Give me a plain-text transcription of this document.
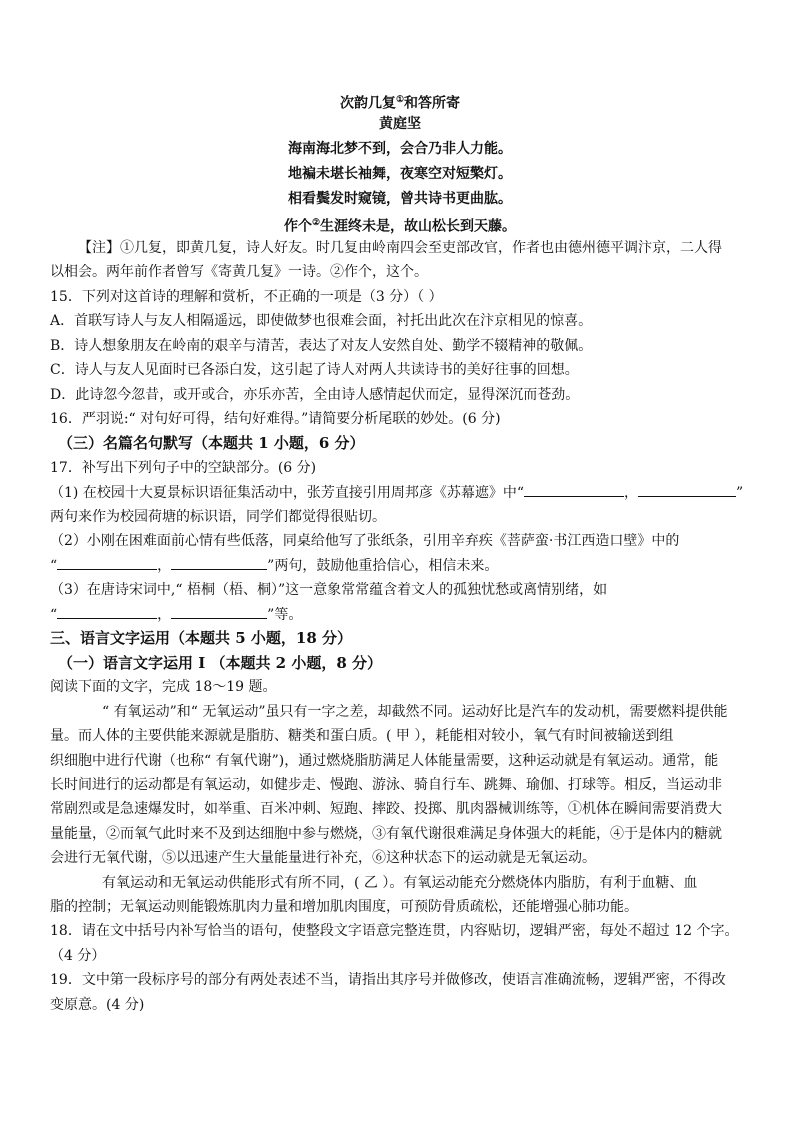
次韵几复①和答所寄
黄庭坚
海南海北梦不到，会合乃非人力能。
地褊未堪长袖舞，夜寒空对短檠灯。
相看鬓发时窥镜，曾共诗书更曲肱。
作个②生涯终未是，故山松长到天藤。
【注】①几复，即黄几复，诗人好友。时几复由岭南四会至吏部改官，作者也由德州德平调汴京，二人得
以相会。两年前作者曾写《寄黄几复》一诗。②作个，这个。
15．下列对这首诗的理解和赏析，不正确的一项是（3 分）（ ）
A．首联写诗人与友人相隔遥远，即使做梦也很难会面，衬托出此次在汴京相见的惊喜。
B．诗人想象朋友在岭南的艰辛与清苦，表达了对友人安然自处、勤学不辍精神的敬佩。
C．诗人与友人见面时已各添白发，这引起了诗人对两人共读诗书的美好往事的回想。
D．此诗忽今忽昔，或开或合，亦乐亦苦，全由诗人感情起伏而定，显得深沉而苍劲。
16．严羽说:“ 对句好可得，结句好难得。”请简要分析尾联的妙处。(6 分)
（三）名篇名句默写（本题共 1 小题，6 分）
17．补写出下列句子中的空缺部分。(6 分)
（1) 在校园十大夏景标识语征集活动中，张芳直接引用周邦彦《苏幕遮》中“	，	”
两句来作为校园荷塘的标识语，同学们都觉得很贴切。
（2）小刚在困难面前心情有些低落，同桌给他写了张纸条，引用辛弃疾《菩萨蛮·书江西造口壁》中的
“	，	”两句，鼓励他重拾信心，相信未来。
（3）在唐诗宋词中,“ 梧桐（梧、桐）”这一意象常常蕴含着文人的孤独忧愁或离情别绪，如
“	，	”等。
三、语言文字运用（本题共 5 小题，18 分）
（一）语言文字运用 I （本题共 2 小题，8 分）
阅读下面的文字，完成 18～19 题。
“ 有氧运动”和“ 无氧运动”虽只有一字之差，却截然不同。运动好比是汽车的发动机，需要燃料提供能
量。而人体的主要供能来源就是脂肪、糖类和蛋白质。( 甲 ），耗能相对较小，氧气有时间被输送到组
织细胞中进行代谢（也称“ 有氧代谢”)，通过燃烧脂肪满足人体能量需要，这种运动就是有氧运动。通常，能
长时间进行的运动都是有氧运动，如健步走、慢跑、游泳、骑自行车、跳舞、瑜伽、打球等。相反，当运动非
常剧烈或是急速爆发时，如举重、百米冲刺、短跑、摔跤、投掷、肌肉器械训练等，①机体在瞬间需要消费大
量能量，②而氧气此时来不及到达细胞中参与燃烧，③有氧代谢很难满足身体强大的耗能，④于是体内的糖就
会进行无氧代谢，⑤以迅速产生大量能量进行补充，⑥这种状态下的运动就是无氧运动。
有氧运动和无氧运动供能形式有所不同，( 乙 ）。有氧运动能充分燃烧体内脂肪，有利于血糖、血
脂的控制；无氧运动则能锻炼肌肉力量和增加肌肉围度，可预防骨质疏松，还能增强心肺功能。
18．请在文中括号内补写恰当的语句，使整段文字语意完整连贯，内容贴切，逻辑严密，每处不超过 12 个字。
（4 分）
19．文中第一段标序号的部分有两处表述不当，请指出其序号并做修改，使语言准确流畅，逻辑严密，不得改
变原意。(4 分)
